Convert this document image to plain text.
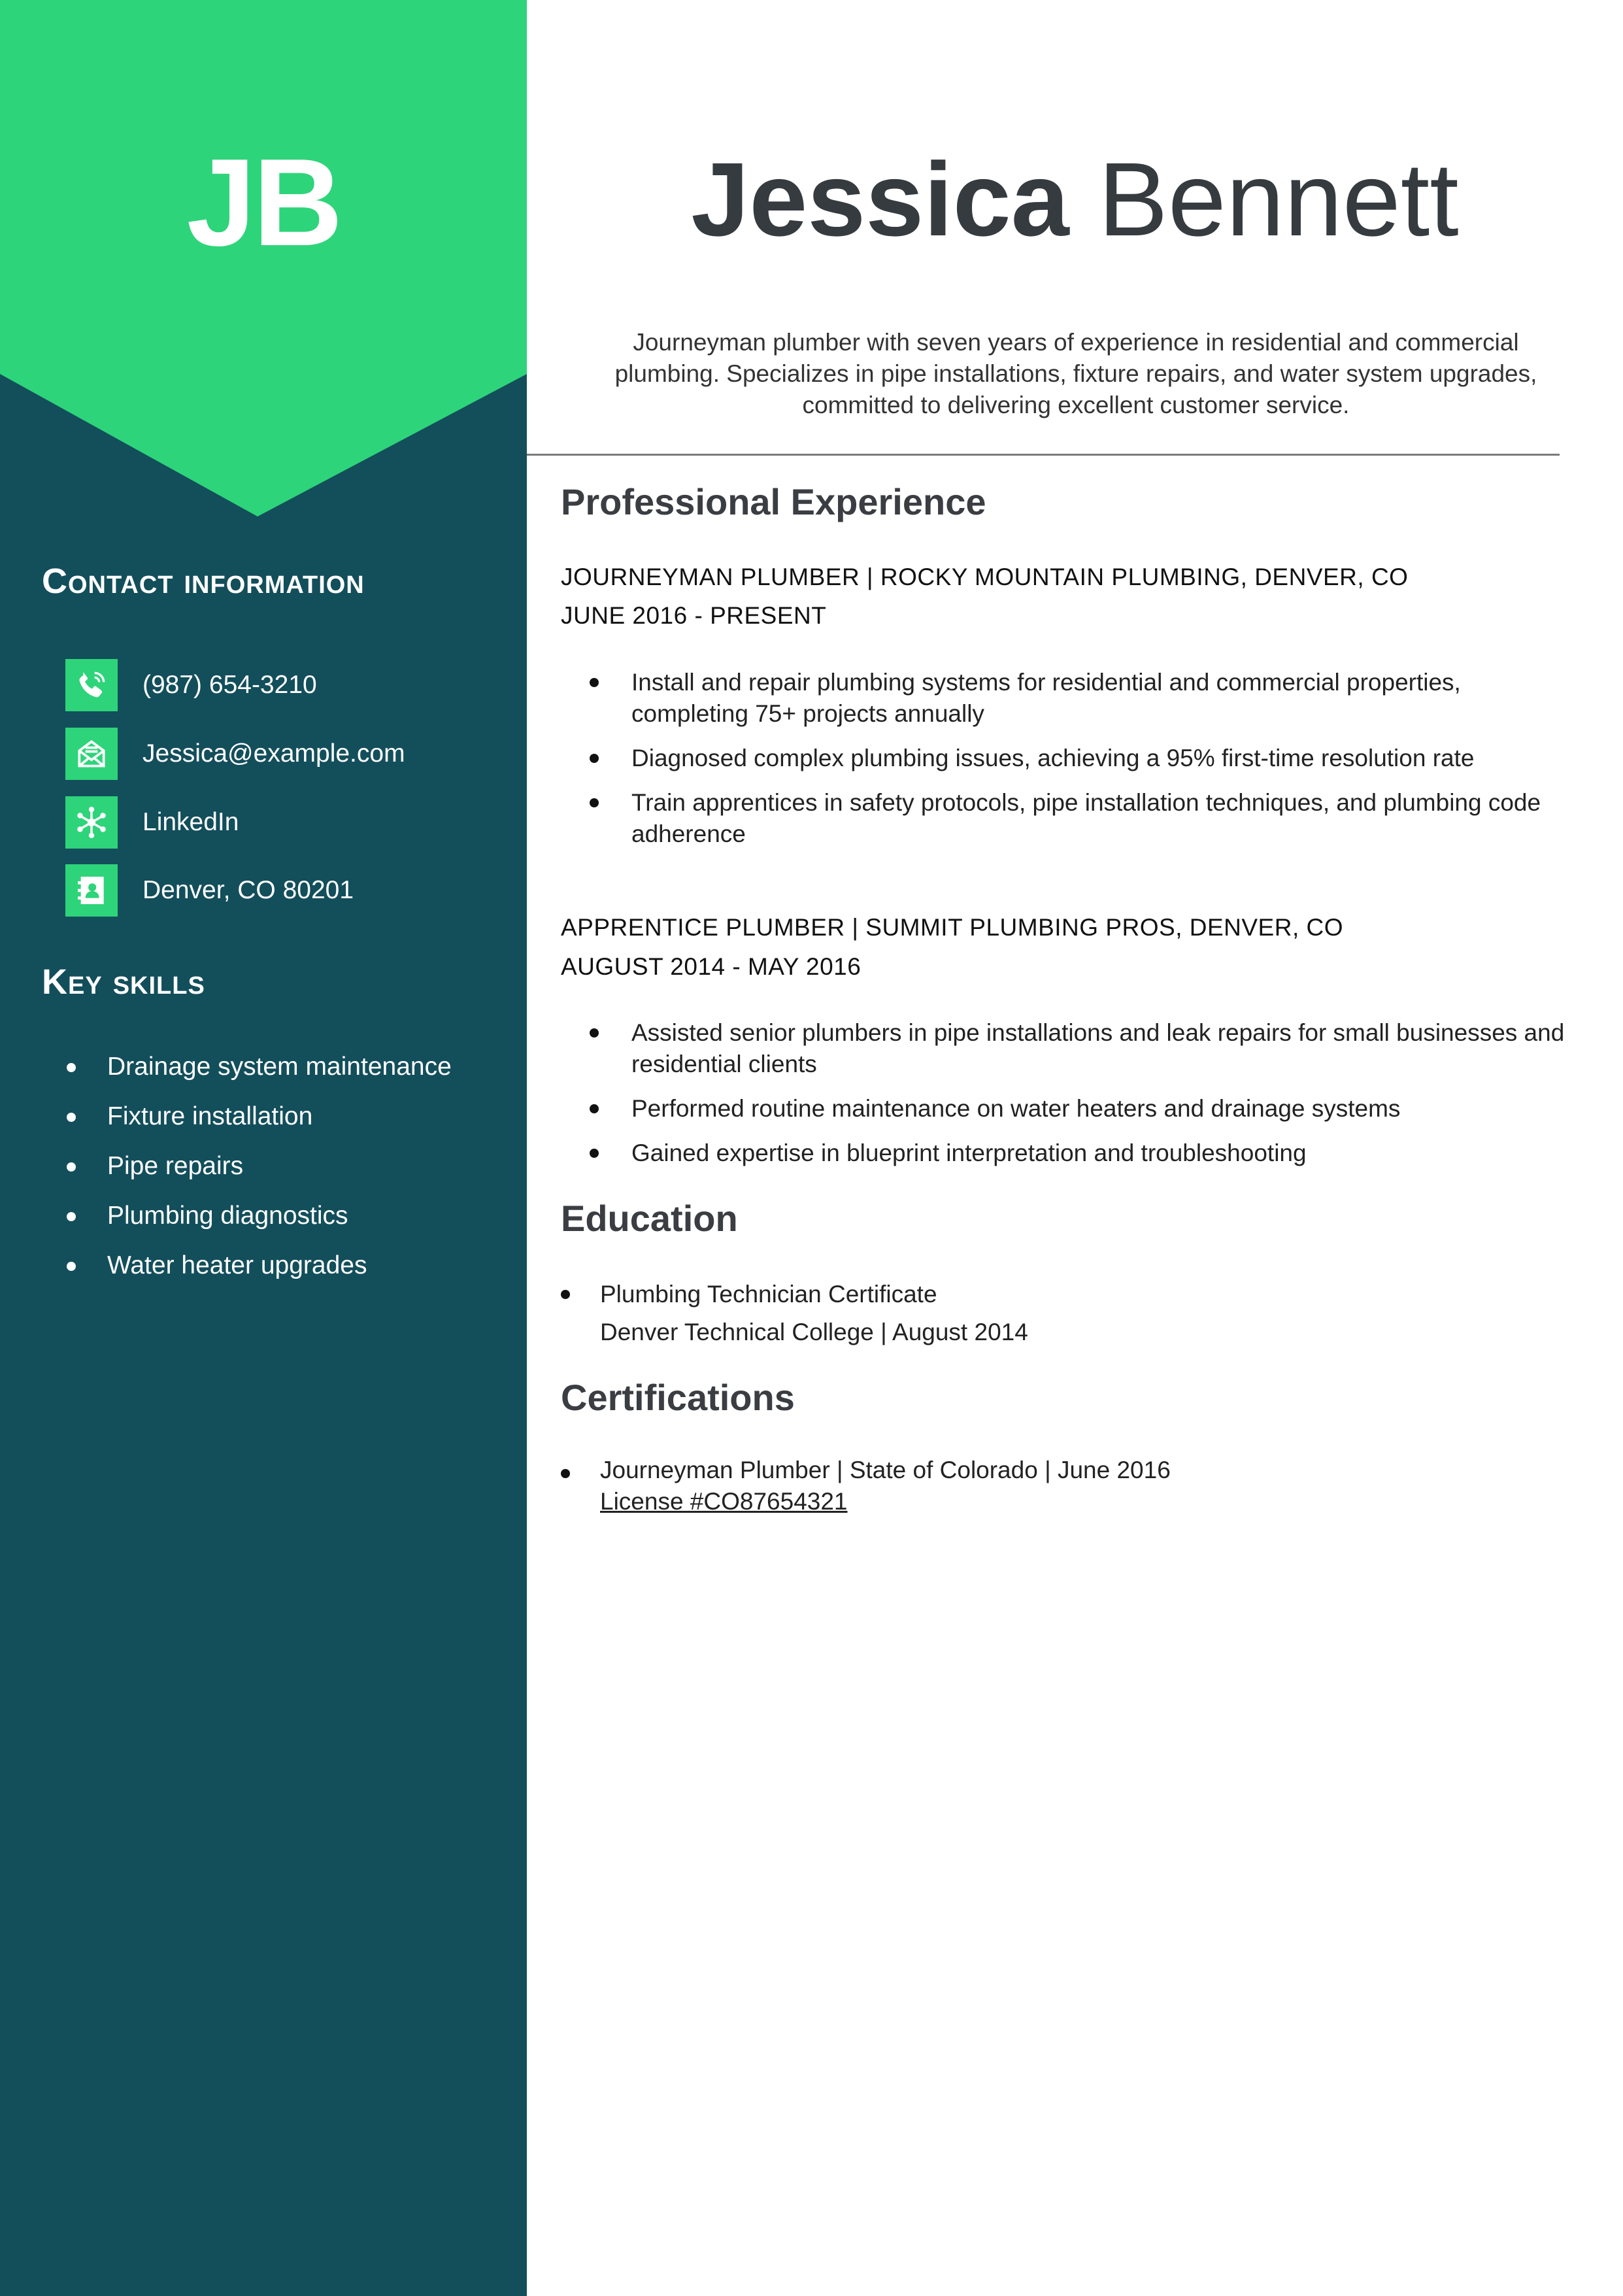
JB
Contact information
(987) 654-3210
Jessica@example.com
LinkedIn
Denver, CO 80201
Key skills
Drainage system maintenance
Fixture installation
Pipe repairs
Plumbing diagnostics
Water heater upgrades
Jessica Bennett
Journeyman plumber with seven years of experience in residential and commercial plumbing. Specializes in pipe installations, fixture repairs, and water system upgrades, committed to delivering excellent customer service.
Professional Experience
JOURNEYMAN PLUMBER | ROCKY MOUNTAIN PLUMBING, DENVER, CO
JUNE 2016 - PRESENT
Install and repair plumbing systems for residential and commercial properties, completing 75+ projects annually
Diagnosed complex plumbing issues, achieving a 95% first-time resolution rate
Train apprentices in safety protocols, pipe installation techniques, and plumbing code adherence
APPRENTICE PLUMBER | SUMMIT PLUMBING PROS, DENVER, CO
AUGUST 2014 - MAY 2016
Assisted senior plumbers in pipe installations and leak repairs for small businesses and residential clients
Performed routine maintenance on water heaters and drainage systems
Gained expertise in blueprint interpretation and troubleshooting
Education
Plumbing Technician Certificate
Denver Technical College | August 2014
Certifications
Journeyman Plumber | State of Colorado | June 2016
License #CO87654321
